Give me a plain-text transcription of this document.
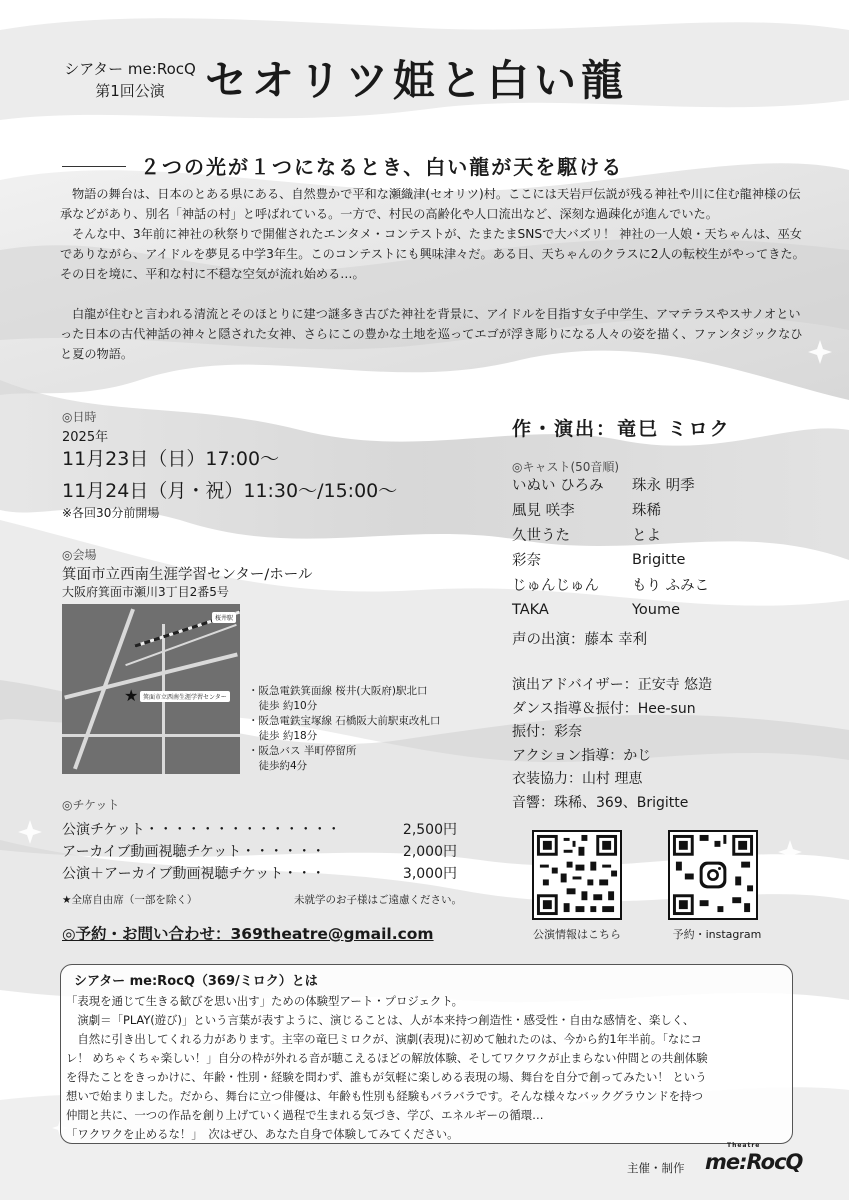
シアター me:RocQ
第1回公演 セオリツ姫と白い龍
２つの光が１つになるとき、白い龍が天を駆ける

物語の舞台は、日本のとある県にある、自然豊かで平和な瀬織津(セオリツ)村。ここには天岩戸伝説が残る神社や川に住む龍神様の伝承などがあり、別名「神話の村」と呼ばれている。一方で、村民の高齢化や人口流出など、深刻な過疎化が進んでいた。

そんな中、3年前に神社の秋祭りで開催されたエンタメ・コンテストが、たまたまSNSで大バズリ！ 神社の一人娘・天ちゃんは、巫女でありながら、アイドルを夢見る中学3年生。このコンテストにも興味津々だ。ある日、天ちゃんのクラスに2人の転校生がやってきた。その日を境に、平和な村に不穏な空気が流れ始める…。

白龍が住むと言われる清流とそのほとりに建つ謎多き古びた神社を背景に、アイドルを目指す女子中学生、アマテラスやスサノオといった日本の古代神話の神々と隠された女神、さらにこの豊かな土地を巡ってエゴが浮き彫りになる人々の姿を描く、ファンタジックなひと夏の物語。

◎日時
2025年
11月23日（日）17:00〜
11月24日（月・祝）11:30〜/15:00〜
※各回30分前開場
◎会場
箕面市立西南生涯学習センター/ホール
大阪府箕面市瀬川3丁目2番5号
箕面市立西南生涯学習センター
★
桜井駅
・阪急電鉄箕面線 桜井(大阪府)駅北口
　徒歩 約10分
・阪急電鉄宝塚線 石橋阪大前駅東改札口
　徒歩 約18分
・阪急バス 半町停留所
　徒歩約4分
◎チケット
公演チケット・・・・・・・・・・・・・・	2,500円
アーカイブ動画視聴チケット・・・・・・	2,000円
公演＋アーカイブ動画視聴チケット・・・	3,000円
★全席自由席（一部を除く）	未就学のお子様はご遠慮ください。
◎予約・お問い合わせ：369theatre@gmail.com
作・演出：竜巳 ミロク
◎キャスト(50音順)
いぬい ひろみ	珠永 明季
風見 咲李	珠稀
久世うた	とよ
彩奈	Brigitte
じゅんじゅん	もり ふみこ
TAKA	Youme
声の出演：藤本 幸利
演出アドバイザー：正安寺 悠造
ダンス指導＆振付：Hee-sun
振付：彩奈
アクション指導：かじ
衣装協力：山村 理恵
音響：珠稀、369、Brigitte
公演情報はこちら	予約・instagram
シアター me:RocQ（369/ミロク）とは
「表現を通じて生きる歓びを思い出す」ための体験型アート・プロジェクト。
　演劇＝「PLAY(遊び)」という言葉が表すように、演じることは、人が本来持つ創造性・感受性・自由な感情を、楽しく、
　自然に引き出してくれる力があります。主宰の竜巳ミロクが、演劇(表現)に初めて触れたのは、今から約1年半前。「なにコ
レ！ めちゃくちゃ楽しい！」自分の枠が外れる音が聴こえるほどの解放体験、そしてワクワクが止まらない仲間との共創体験
を得たことをきっかけに、年齢・性別・経験を問わず、誰もが気軽に楽しめる表現の場、舞台を自分で創ってみたい！ という
想いで始まりました。だから、舞台に立つ俳優は、年齢も性別も経験もバラバラです。そんな様々なバックグラウンドを持つ
仲間と共に、一つの作品を創り上げていく過程で生まれる気づき、学び、エネルギーの循環…
「ワクワクを止めるな！」　次はぜひ、あなた自身で体験してみてください。
主催・制作
Theatre
me:RocQ
